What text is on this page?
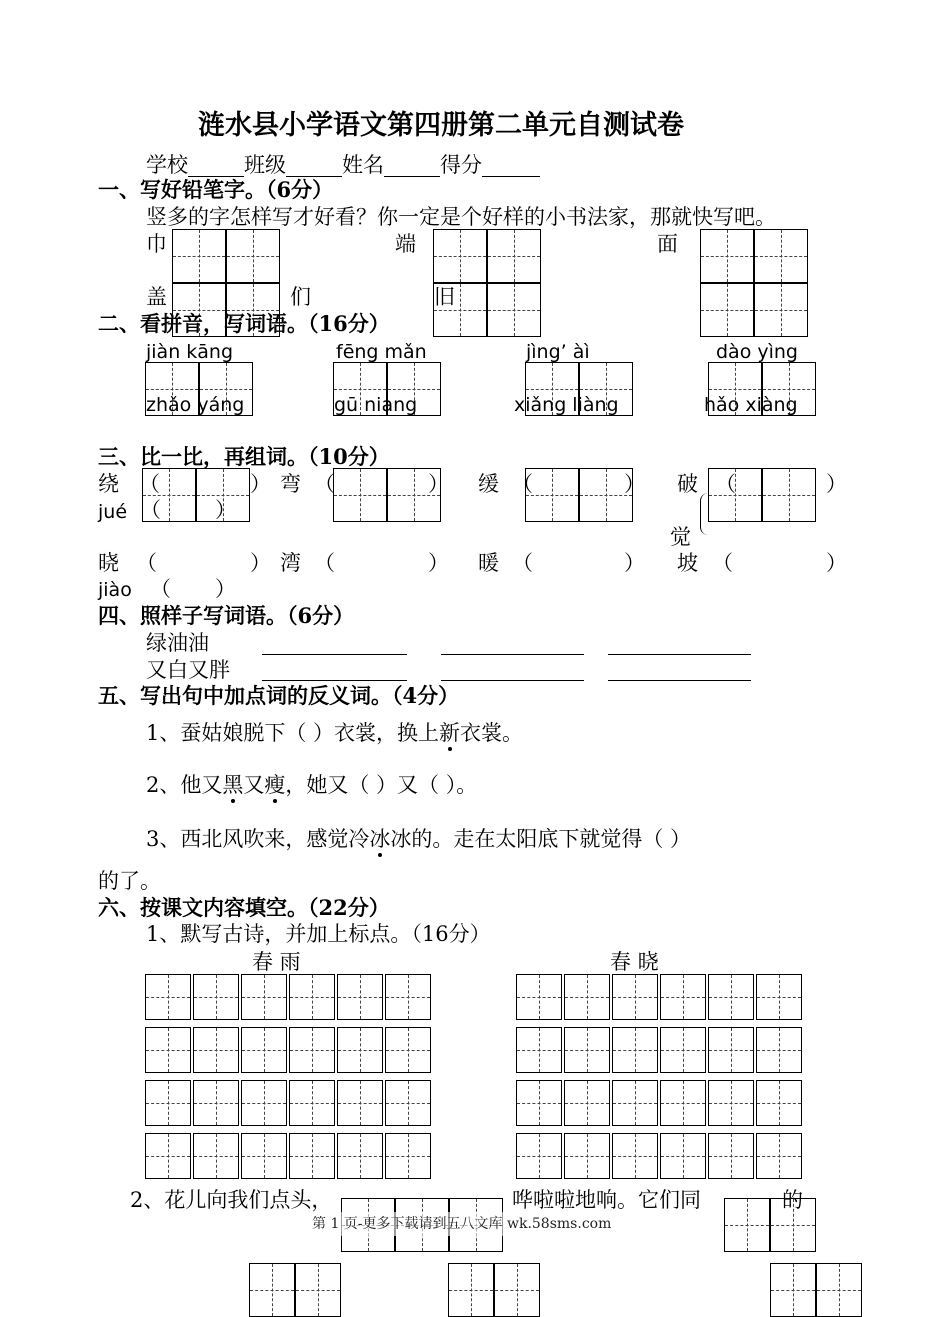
涟水县小学语文第四册第二单元自测试卷
学校	班级	姓名	得分
一、写好铅笔字。（6分）
竖多的字怎样写才好看？你一定是个好样的小书法家，那就快写吧。
巾	端	面
盖	们	旧
二、看拼音，写词语。（16分）
jiàn kāng	fēng mǎn	jìng’ àì	dào yìng
zhǎo yáng	gū niang	xiǎng liàng	hǎo xiàng
三、比一比，再组词。（10分）
绕 （	） 弯 （	） 缓 （	） 破 （	）
jué （	）
觉
晓 （	） 湾 （	） 暖 （	） 坡 （	）
jiào （ ）
四、照样子写词语。（6分）
绿油油
又白又胖
五、写出句中加点词的反义词。（4分）
1、蚕姑娘脱下（ ）衣裳，换上新衣裳。
2、他又黑又瘦，她又（ ）又（ ）。
3、西北风吹来，感觉冷冰冰的。走在太阳底下就觉得（ ）
的了。
六、按课文内容填空。（22分）
1、默写古诗，并加上标点。（16分）
春 雨	春 晓
2、花儿向我们点头，	哗啦啦地响。它们同	的
第 1 页-更多下载请到五八文库 wk.58sms.com
